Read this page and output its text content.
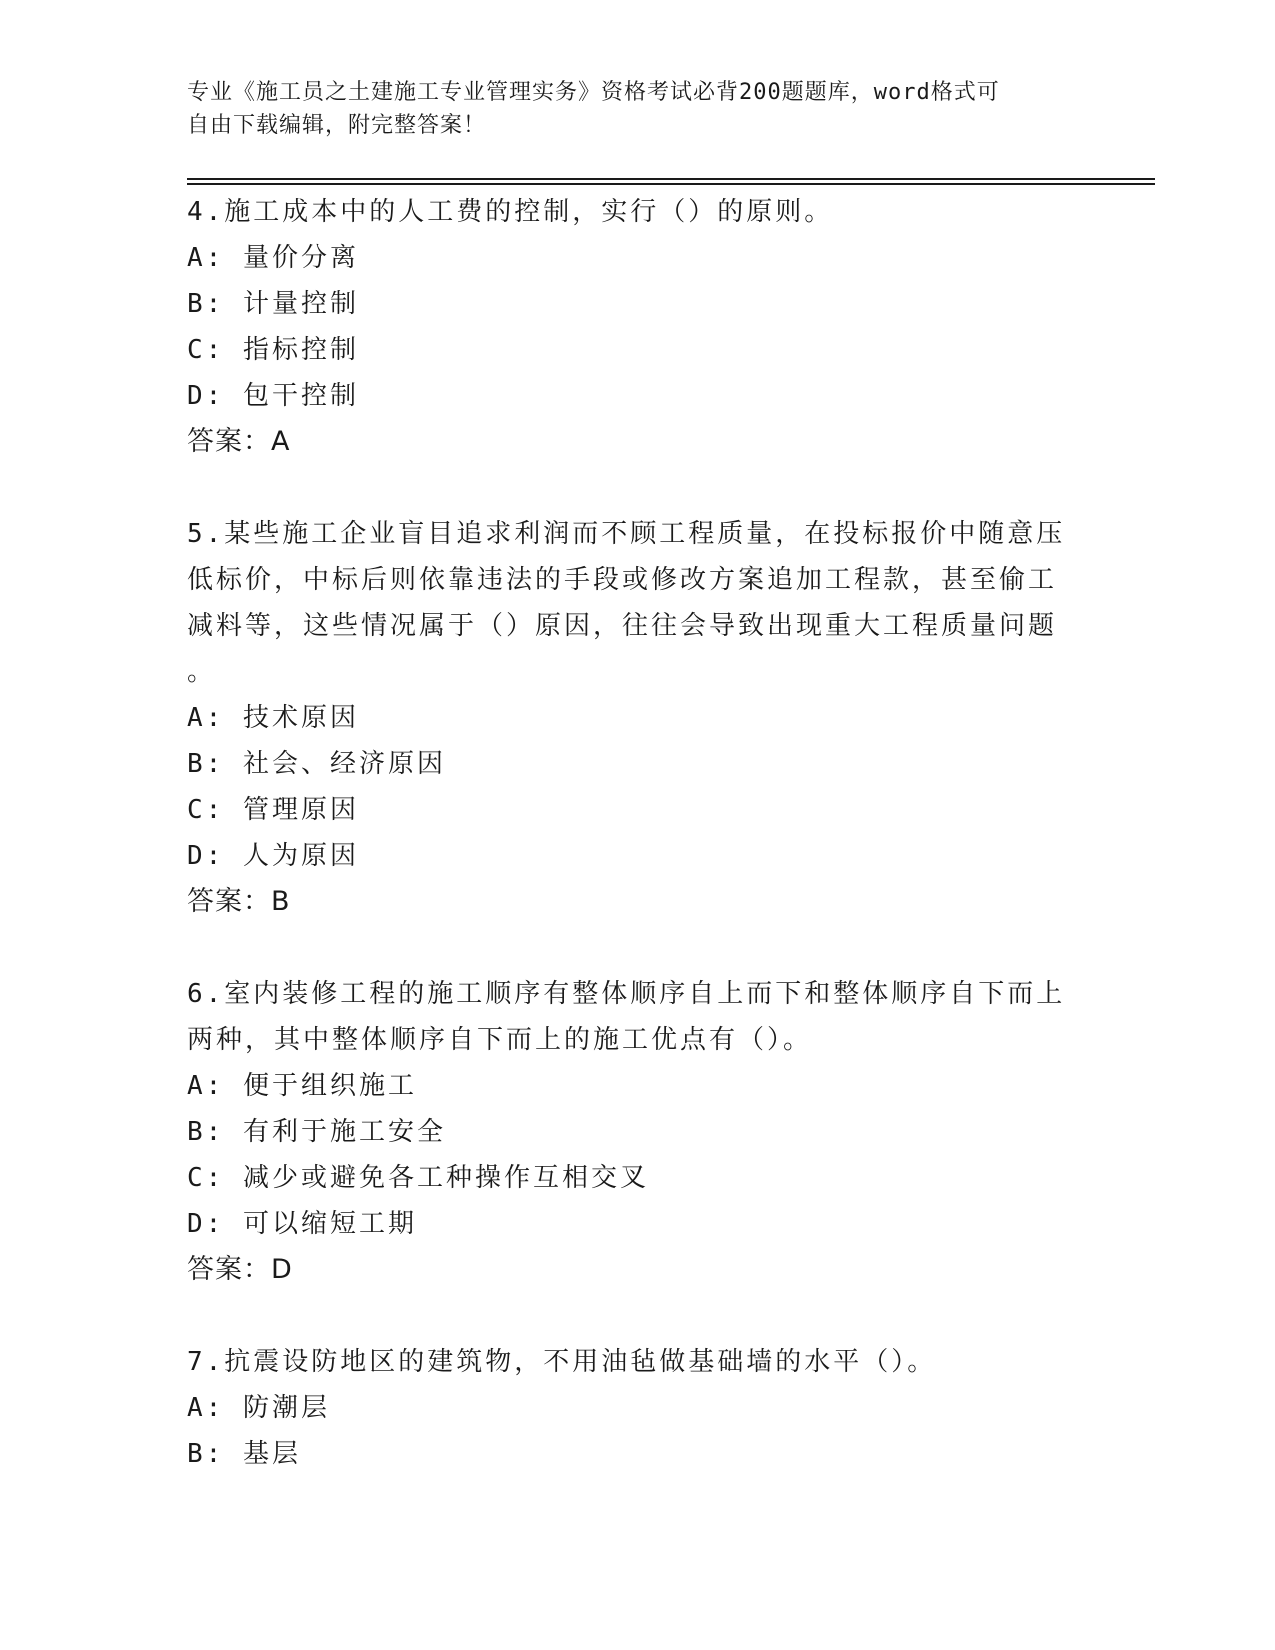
专业《施工员之土建施工专业管理实务》资格考试必背200题题库，word格式可
自由下载编辑，附完整答案！
4.施工成本中的人工费的控制，实行（）的原则。
A: 量价分离
B: 计量控制
C: 指标控制
D: 包干控制
答案：A
5.某些施工企业盲目追求利润而不顾工程质量，在投标报价中随意压
低标价，中标后则依靠违法的手段或修改方案追加工程款，甚至偷工
减料等，这些情况属于（）原因，往往会导致出现重大工程质量问题
。
A: 技术原因
B: 社会、经济原因
C: 管理原因
D: 人为原因
答案：B
6.室内装修工程的施工顺序有整体顺序自上而下和整体顺序自下而上
两种，其中整体顺序自下而上的施工优点有（）。
A: 便于组织施工
B: 有利于施工安全
C: 减少或避免各工种操作互相交叉
D: 可以缩短工期
答案：D
7.抗震设防地区的建筑物，不用油毡做基础墙的水平（）。
A: 防潮层
B: 基层
